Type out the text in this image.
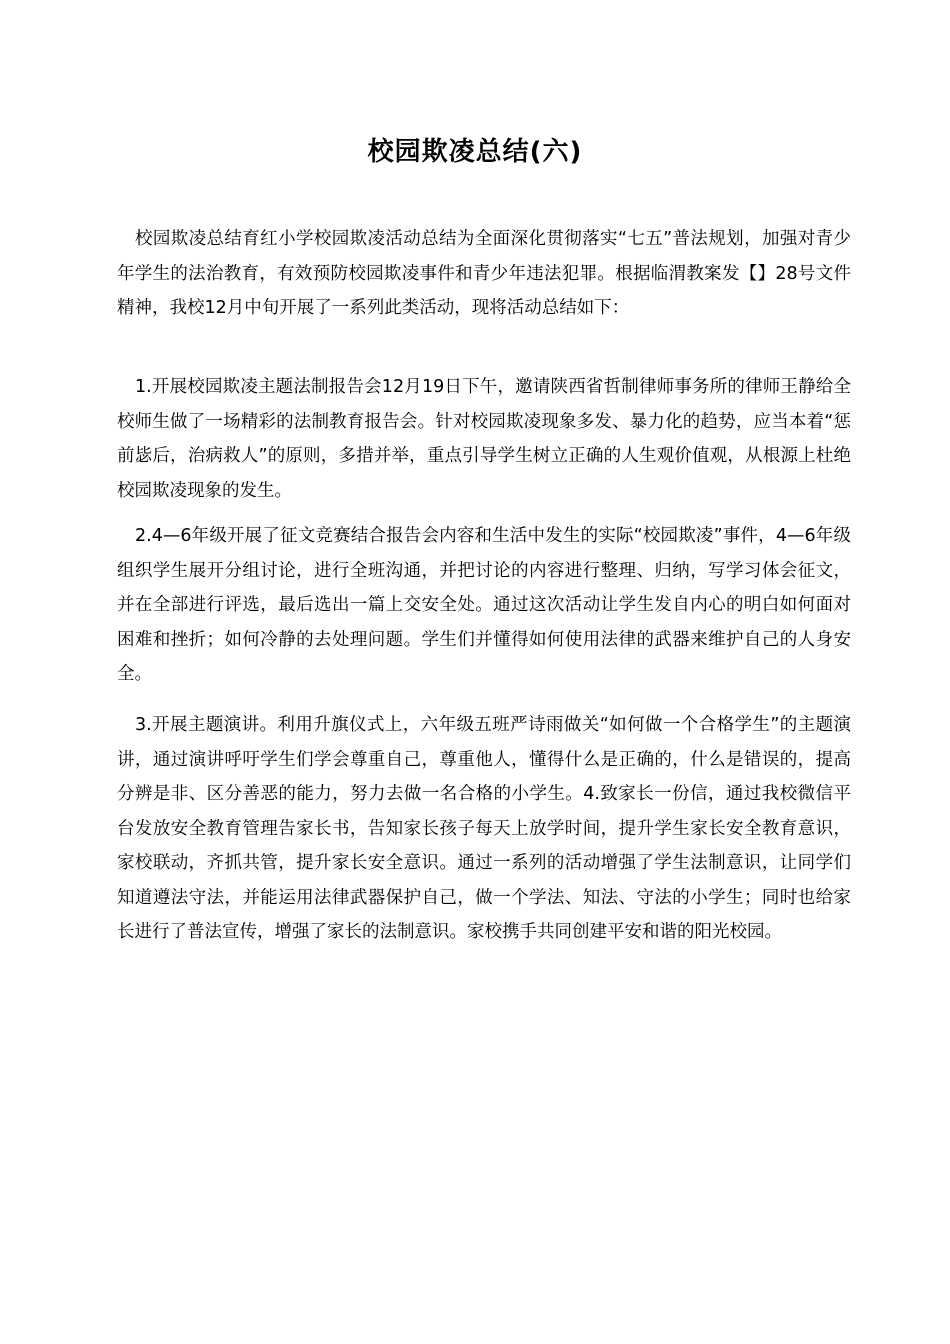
校园欺凌总结(六)

校园欺凌总结育红小学校园欺凌活动总结为全面深化贯彻落实“七五”普法规划，加强对青少年学生的法治教育，有效预防校园欺凌事件和青少年违法犯罪。根据临渭教案发【】28号文件精神，我校12月中旬开展了一系列此类活动，现将活动总结如下：

1.开展校园欺凌主题法制报告会12月19日下午，邀请陕西省哲制律师事务所的律师王静给全校师生做了一场精彩的法制教育报告会。针对校园欺凌现象多发、暴力化的趋势，应当本着“惩前毖后，治病救人”的原则，多措并举，重点引导学生树立正确的人生观价值观，从根源上杜绝校园欺凌现象的发生。

2.4—6年级开展了征文竞赛结合报告会内容和生活中发生的实际“校园欺凌”事件，4—6年级组织学生展开分组讨论，进行全班沟通，并把讨论的内容进行整理、归纳，写学习体会征文，并在全部进行评选，最后选出一篇上交安全处。通过这次活动让学生发自内心的明白如何面对困难和挫折；如何冷静的去处理问题。学生们并懂得如何使用法律的武器来维护自己的人身安全。

3.开展主题演讲。利用升旗仪式上，六年级五班严诗雨做关“如何做一个合格学生”的主题演讲，通过演讲呼吁学生们学会尊重自己，尊重他人，懂得什么是正确的，什么是错误的，提高分辨是非、区分善恶的能力，努力去做一名合格的小学生。4.致家长一份信，通过我校微信平台发放安全教育管理告家长书，告知家长孩子每天上放学时间，提升学生家长安全教育意识，家校联动，齐抓共管，提升家长安全意识。通过一系列的活动增强了学生法制意识，让同学们知道遵法守法，并能运用法律武器保护自己，做一个学法、知法、守法的小学生；同时也给家长进行了普法宣传，增强了家长的法制意识。家校携手共同创建平安和谐的阳光校园。
